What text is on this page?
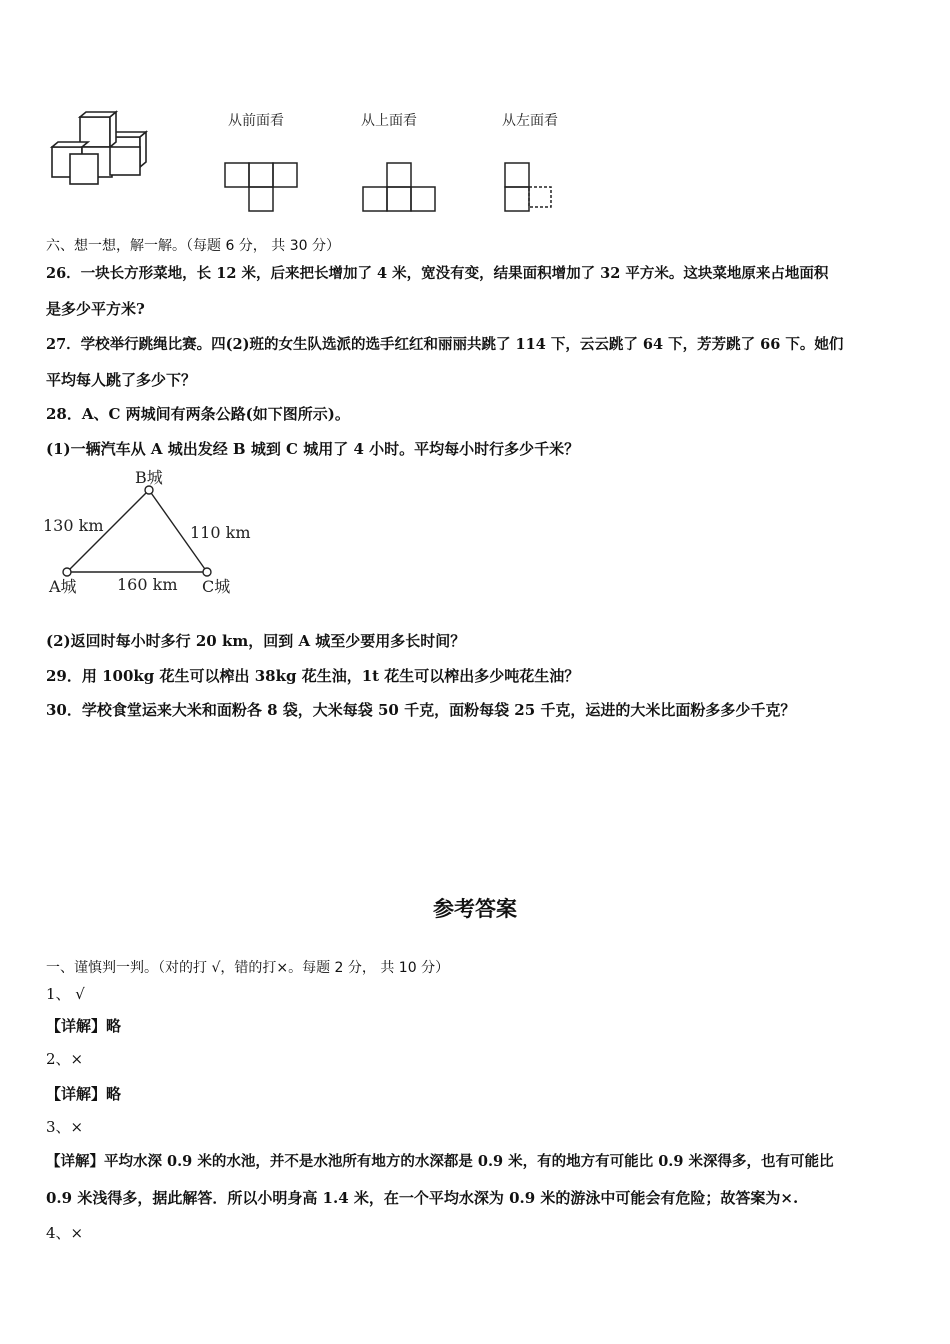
从前面看	从上面看	从左面看
六、想一想，解一解。（每题 6 分， 共 30 分）
26．一块长方形菜地，长 12 米，后来把长增加了 4 米，宽没有变，结果面积增加了 32 平方米。这块菜地原来占地面积
是多少平方米?
27．学校举行跳绳比赛。四(2)班的女生队选派的选手红红和丽丽共跳了 114 下，云云跳了 64 下，芳芳跳了 66 下。她们
平均每人跳了多少下？
28．A、C 两城间有两条公路(如下图所示)。
(1)一辆汽车从 A 城出发经 B 城到 C 城用了 4 小时。平均每小时行多少千米？
B城
A城	C城
130 km	110 km
160 km
(2)返回时每小时多行 20 km，回到 A 城至少要用多长时间？
29．用 100kg 花生可以榨出 38kg 花生油，1t 花生可以榨出多少吨花生油？
30．学校食堂运来大米和面粉各 8 袋，大米每袋 50 千克，面粉每袋 25 千克，运进的大米比面粉多多少千克？
参考答案
一、谨慎判一判。（对的打 √，错的打×。每题 2 分， 共 10 分）
1、 √
【详解】略
2、×
【详解】略
3、×
【详解】平均水深 0.9 米的水池，并不是水池所有地方的水深都是 0.9 米，有的地方有可能比 0.9 米深得多，也有可能比
0.9 米浅得多，据此解答．所以小明身高 1.4 米，在一个平均水深为 0.9 米的游泳中可能会有危险；故答案为×.
4、×
